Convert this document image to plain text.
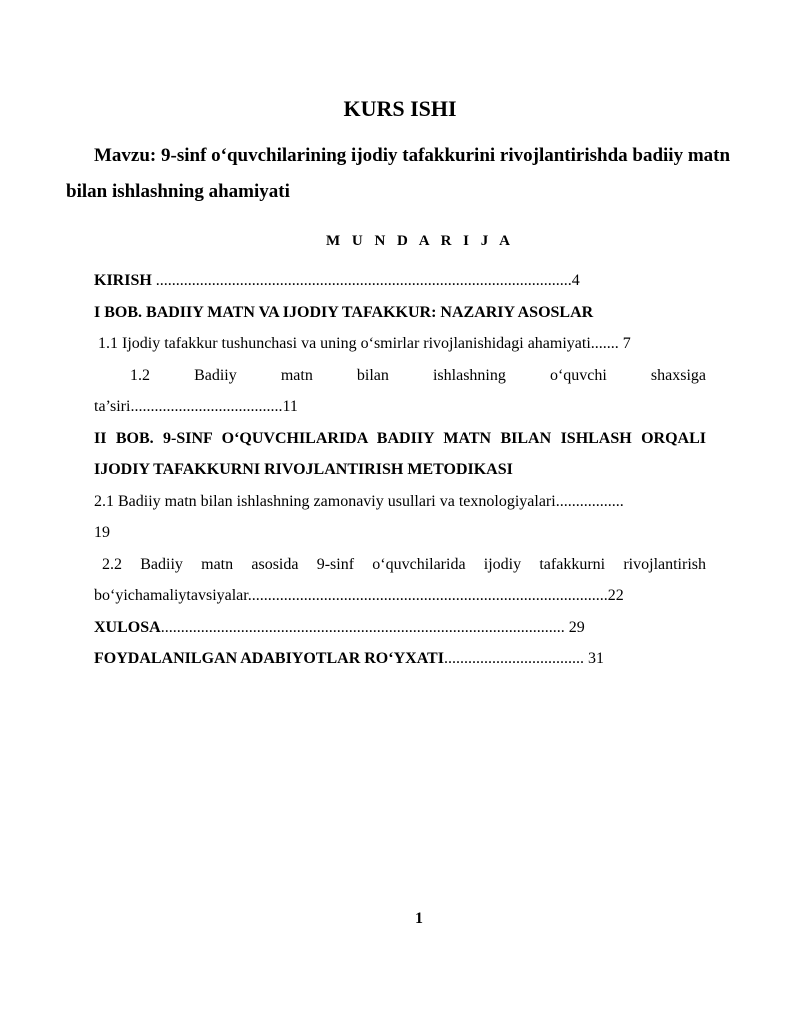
KURS ISHI

Mavzu: 9-sinf o‘quvchilarining ijodiy tafakkurini rivojlantirishda badiiy matn bilan ishlashning ahamiyati

M U N D A R I J A

KIRISH ........................................................................................................4

I BOB. BADIIY MATN VA IJODIY TAFAKKUR: NAZARIY ASOSLAR

1.1 Ijodiy tafakkur tushunchasi va uning o‘smirlar rivojlanishidagi ahamiyati....... 7

1.2 Badiiy matn bilan ishlashning o‘quvchi shaxsiga

ta’siri......................................11

II BOB. 9-SINF O‘QUVCHILARIDA BADIIY MATN BILAN ISHLASH ORQALI IJODIY TAFAKKURNI RIVOJLANTIRISH METODIKASI

2.1 Badiiy matn bilan ishlashning zamonaviy usullari va texnologiyalari.................
19

2.2 Badiiy matn asosida 9-sinf o‘quvchilarida ijodiy tafakkurni rivojlantirish bo‘yichamaliytavsiyalar..........................................................................................22

XULOSA..................................................................................................... 29

FOYDALANILGAN ADABIYOTLAR RO‘YXATI................................... 31

1
